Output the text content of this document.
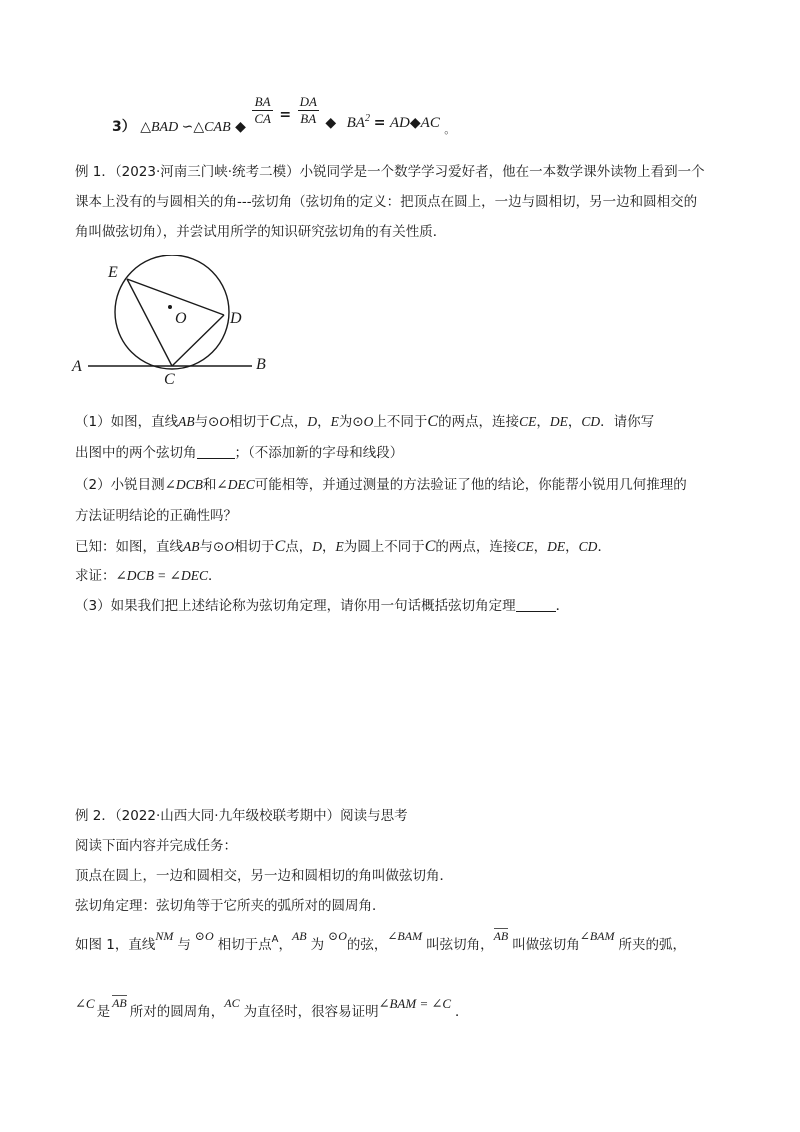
3） △BAD ∽△CAB ◆ $\frac{BA}{CA} = \frac{DA}{BA}$ ◆ $BA^2$ = AD◆AC $_。$
例 1．（2023·河南三门峡·统考二模）小锐同学是一个数学学习爱好者，他在一本数学课外读物上看到一个
课本上没有的与圆相关的角---弦切角（弦切角的定义：把顶点在圆上，一边与圆相切，另一边和圆相交的
角叫做弦切角），并尝试用所学的知识研究弦切角的有关性质．
E
O	D
A
C
B
（1）如图，直线AB与⊙O相切于C点，D，E为⊙O上不同于C的两点，连接CE，DE，CD．请你写
出图中的两个弦切角	；（不添加新的字母和线段）
（2）小锐目测∠DCB和∠DEC可能相等，并通过测量的方法验证了他的结论，你能帮小锐用几何推理的
方法证明结论的正确性吗？
已知：如图，直线AB与⊙O相切于C点，D，E为圆上不同于C的两点，连接CE，DE，CD．
求证：∠DCB = ∠DEC．
（3）如果我们把上述结论称为弦切角定理，请你用一句话概括弦切角定理	．
例 2．（2022·山西大同·九年级校联考期中）阅读与思考
阅读下面内容并完成任务：
顶点在圆上，一边和圆相交，另一边和圆相切的角叫做弦切角．
弦切角定理：弦切角等于它所夹的弧所对的圆周角．
如图 1，直线NM与⊙O相切于点$^A$，AB为⊙O的弦，∠BAM叫弦切角，AB叫做弦切角∠BAM所夹的弧，
∠C是AB所对的圆周角，AC为直径时，很容易证明∠BAM = ∠C．
